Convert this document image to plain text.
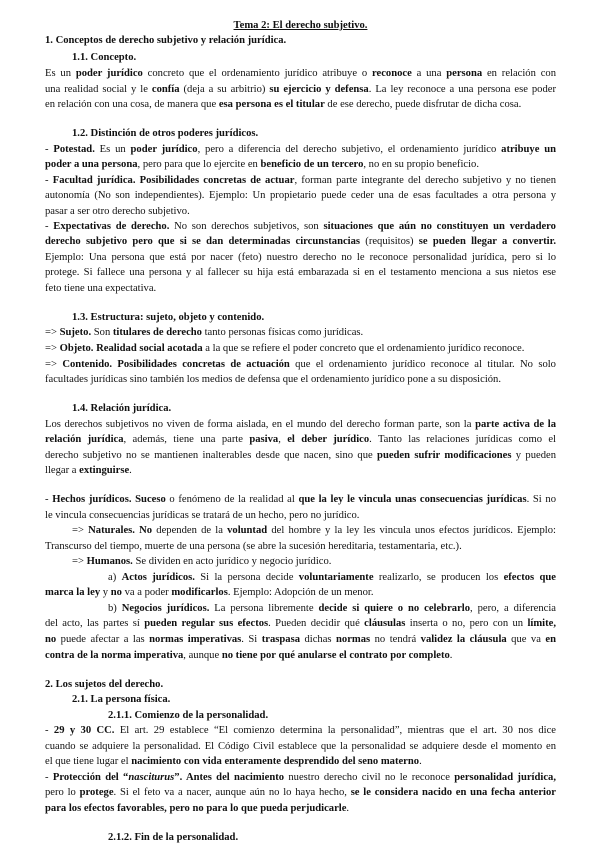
Tema 2: El derecho subjetivo.
1. Conceptos de derecho subjetivo y relación jurídica.
1.1. Concepto.
Es un poder jurídico concreto que el ordenamiento jurídico atribuye o reconoce a una persona en relación con
una realidad social y le confía (deja a su arbitrio) su ejercicio y defensa. La ley reconoce a una persona ese poder
en relación con una cosa, de manera que esa persona es el titular de ese derecho, puede disfrutar de dicha cosa.
1.2. Distinción de otros poderes jurídicos.
- Potestad. Es un poder jurídico, pero a diferencia del derecho subjetivo, el ordenamiento jurídico atribuye un
poder a una persona, pero para que lo ejercite en beneficio de un tercero, no en su propio beneficio.
- Facultad jurídica. Posibilidades concretas de actuar, forman parte integrante del derecho subjetivo y no tienen
autonomía (No son independientes). Ejemplo: Un propietario puede ceder una de esas facultades a otra persona y
pasar a ser otro derecho subjetivo.
- Expectativas de derecho. No son derechos subjetivos, son situaciones que aún no constituyen un verdadero
derecho subjetivo pero que si se dan determinadas circunstancias (requisitos) se pueden llegar a convertir.
Ejemplo: Una persona que está por nacer (feto) nuestro derecho no le reconoce personalidad jurídica, pero si lo
protege. Si fallece una persona y al fallecer su hija está embarazada si en el testamento menciona a sus nietos ese
feto tiene una expectativa.
1.3. Estructura: sujeto, objeto y contenido.
=> Sujeto. Son titulares de derecho tanto personas físicas como jurídicas.
=> Objeto. Realidad social acotada a la que se refiere el poder concreto que el ordenamiento jurídico reconoce.
=> Contenido. Posibilidades concretas de actuación que el ordenamiento jurídico reconoce al titular. No solo
facultades jurídicas sino también los medios de defensa que el ordenamiento jurídico pone a su disposición.
1.4. Relación jurídica.
Los derechos subjetivos no viven de forma aislada, en el mundo del derecho forman parte, son la parte activa de la
relación jurídica, además, tiene una parte pasiva, el deber jurídico. Tanto las relaciones jurídicas como el
derecho subjetivo no se mantienen inalterables desde que nacen, sino que pueden sufrir modificaciones y pueden
llegar a extinguirse.
- Hechos jurídicos. Suceso o fenómeno de la realidad al que la ley le vincula unas consecuencias jurídicas. Si no
le vincula consecuencias jurídicas se tratará de un hecho, pero no jurídico.
=> Naturales. No dependen de la voluntad del hombre y la ley les vincula unos efectos jurídicos. Ejemplo:
Transcurso del tiempo, muerte de una persona (se abre la sucesión hereditaria, testamentaria, etc.).
=> Humanos. Se dividen en acto jurídico y negocio jurídico.
a) Actos jurídicos. Si la persona decide voluntariamente realizarlo, se producen los efectos que
marca la ley y no va a poder modificarlos. Ejemplo: Adopción de un menor.
b) Negocios jurídicos. La persona libremente decide si quiere o no celebrarlo, pero, a diferencia
del acto, las partes sí pueden regular sus efectos. Pueden decidir qué cláusulas inserta o no, pero con un límite,
no puede afectar a las normas imperativas. Si traspasa dichas normas no tendrá validez la cláusula que va en
contra de la norma imperativa, aunque no tiene por qué anularse el contrato por completo.
2. Los sujetos del derecho.
2.1. La persona física.
2.1.1. Comienzo de la personalidad.
- 29 y 30 CC. El art. 29 establece “El comienzo determina la personalidad”, mientras que el art. 30 nos dice
cuando se adquiere la personalidad. El Código Civil establece que la personalidad se adquiere desde el momento en
el que tiene lugar el nacimiento con vida enteramente desprendido del seno materno.
- Protección del “nasciturus”. Antes del nacimiento nuestro derecho civil no le reconoce personalidad jurídica,
pero lo protege. Si el feto va a nacer, aunque aún no lo haya hecho, se le considera nacido en una fecha anterior
para los efectos favorables, pero no para lo que pueda perjudicarle.
2.1.2. Fin de la personalidad.
